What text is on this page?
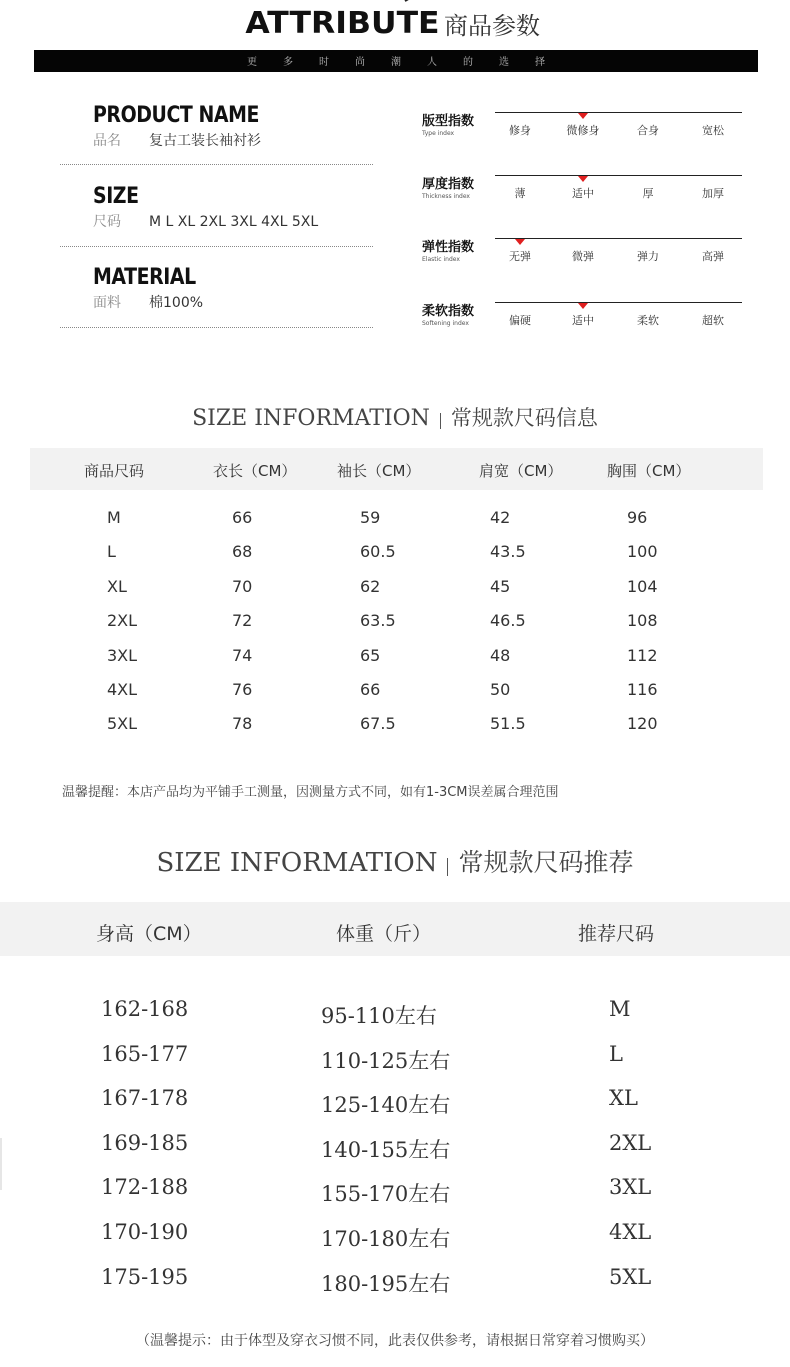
ATTRIBUTE 商品参数
更多时尚潮人的选择
PRODUCT NAME
品名 复古工装长袖衬衫
SIZE
尺码 M L XL 2XL 3XL 4XL 5XL
MATERIAL
面料 棉100%
版型指数
Type index	修身	微修身	合身	宽松
厚度指数
Thickness index	薄	适中	厚	加厚
弹性指数
Elastic index	无弹	微弹	弹力	高弹
柔软指数
Softening index	偏硬	适中	柔软	超软
SIZE INFORMATION 常规款尺码信息
商品尺码	衣长（CM）	袖长（CM）	肩宽（CM）	胸围（CM）
M	66	59	42	96
L	68	60.5	43.5	100
XL	70	62	45	104
2XL	72	63.5	46.5	108
3XL	74	65	48	112
4XL	76	66	50	116
5XL	78	67.5	51.5	120
温馨提醒：本店产品均为平铺手工测量，因测量方式不同，如有1-3CM误差属合理范围
SIZE INFORMATION 常规款尺码推荐
身高（CM）	体重（斤）	推荐尺码
162-168	95-110左右	M
165-177	110-125左右	L
167-178	125-140左右	XL
169-185	140-155左右	2XL
172-188	155-170左右	3XL
170-190	170-180左右	4XL
175-195	180-195左右	5XL
（温馨提示：由于体型及穿衣习惯不同，此表仅供参考，请根据日常穿着习惯购买）
